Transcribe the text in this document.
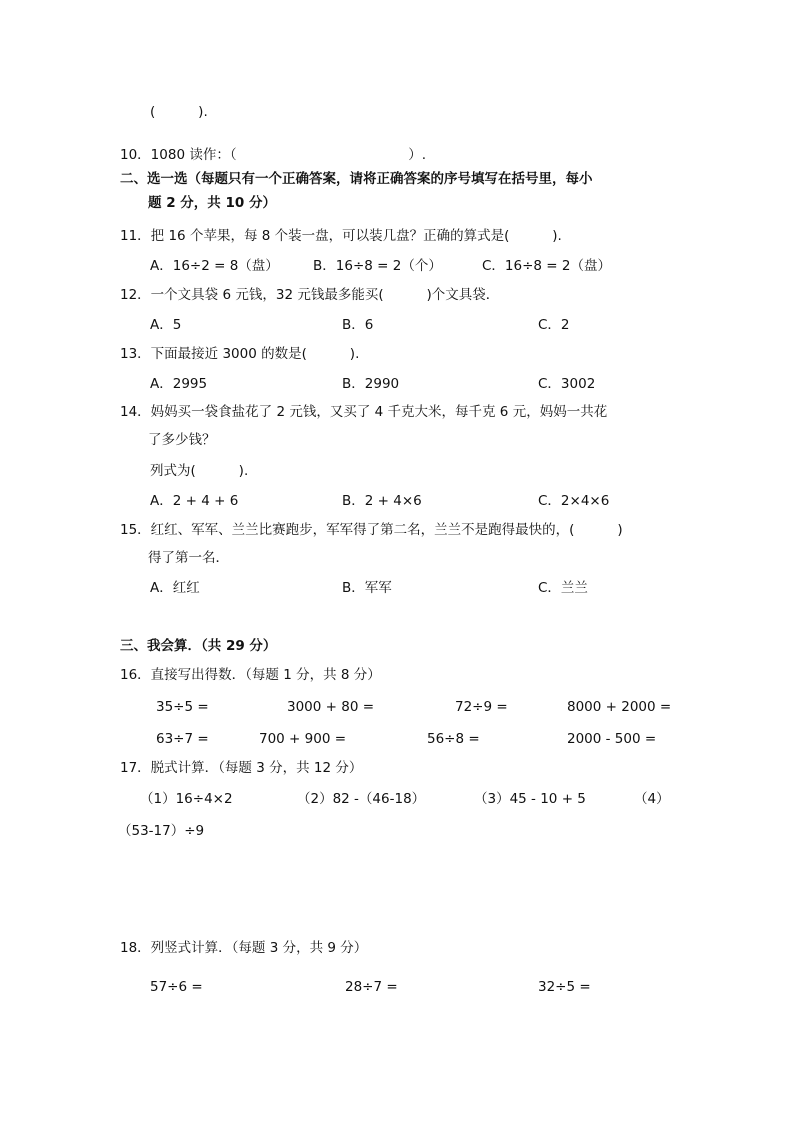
(          ).
10．1080 读作：（                                        ）.
二、选一选（每题只有一个正确答案，请将正确答案的序号填写在括号里，每小
题 2 分，共 10 分）
11．把 16 个苹果，每 8 个装一盘，可以装几盘？正确的算式是(          ).
A．16÷2 = 8（盘）	B．16÷8 = 2（个）	C．16÷8 = 2（盘）
12．一个文具袋 6 元钱，32 元钱最多能买(          )个文具袋．
A．5	B．6	C．2
13．下面最接近 3000 的数是(          ).
A．2995	B．2990	C．3002
14．妈妈买一袋食盐花了 2 元钱，又买了 4 千克大米，每千克 6 元，妈妈一共花
了多少钱？
列式为(          ).
A．2 + 4 + 6	B．2 + 4×6	C．2×4×6
15．红红、军军、兰兰比赛跑步，军军得了第二名，兰兰不是跑得最快的，(          )
得了第一名．
A．红红	B．军军	C．兰兰
三、我会算．（共 29 分）
16．直接写出得数．（每题 1 分，共 8 分）
35÷5 =	3000 + 80 =	72÷9 =	8000 + 2000 =
63÷7 =	700 + 900 =	56÷8 =	2000 - 500 =
17．脱式计算．（每题 3 分，共 12 分）
（1）16÷4×2	（2）82 -（46-18）	（3）45 - 10 + 5	（4）
（53-17）÷9
18．列竖式计算．（每题 3 分，共 9 分）
57÷6 =	28÷7 =	32÷5 =
